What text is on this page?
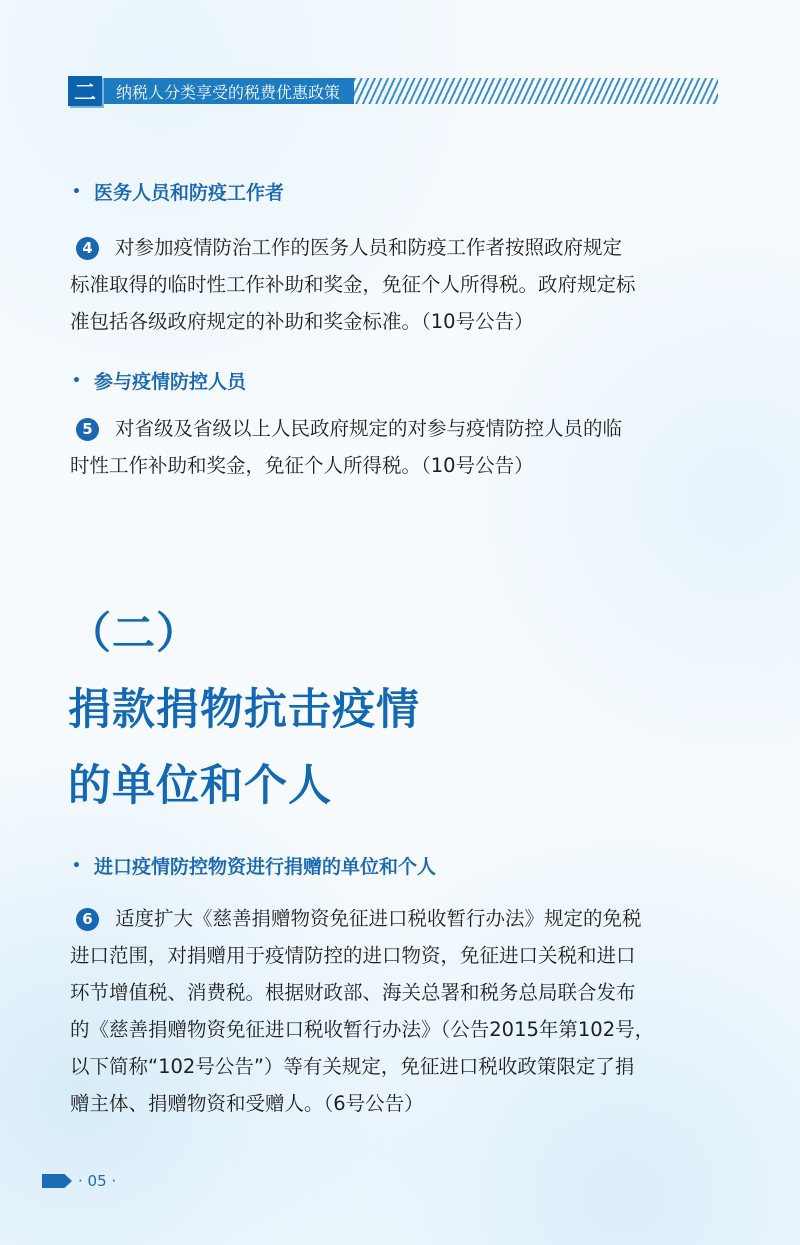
二	纳税人分类享受的税费优惠政策
• 医务人员和防疫工作者
4 对参加疫情防治工作的医务人员和防疫工作者按照政府规定
标准取得的临时性工作补助和奖金，免征个人所得税。政府规定标
准包括各级政府规定的补助和奖金标准。（10号公告）
• 参与疫情防控人员
5 对省级及省级以上人民政府规定的对参与疫情防控人员的临
时性工作补助和奖金，免征个人所得税。（10号公告）
（二）
捐款捐物抗击疫情
的单位和个人
• 进口疫情防控物资进行捐赠的单位和个人
6 适度扩大《慈善捐赠物资免征进口税收暂行办法》规定的免税
进口范围，对捐赠用于疫情防控的进口物资，免征进口关税和进口
环节增值税、消费税。根据财政部、海关总署和税务总局联合发布
的《慈善捐赠物资免征进口税收暂行办法》（公告2015年第102号，
以下简称“102号公告”）等有关规定，免征进口税收政策限定了捐
赠主体、捐赠物资和受赠人。（6号公告）
· 05 ·
